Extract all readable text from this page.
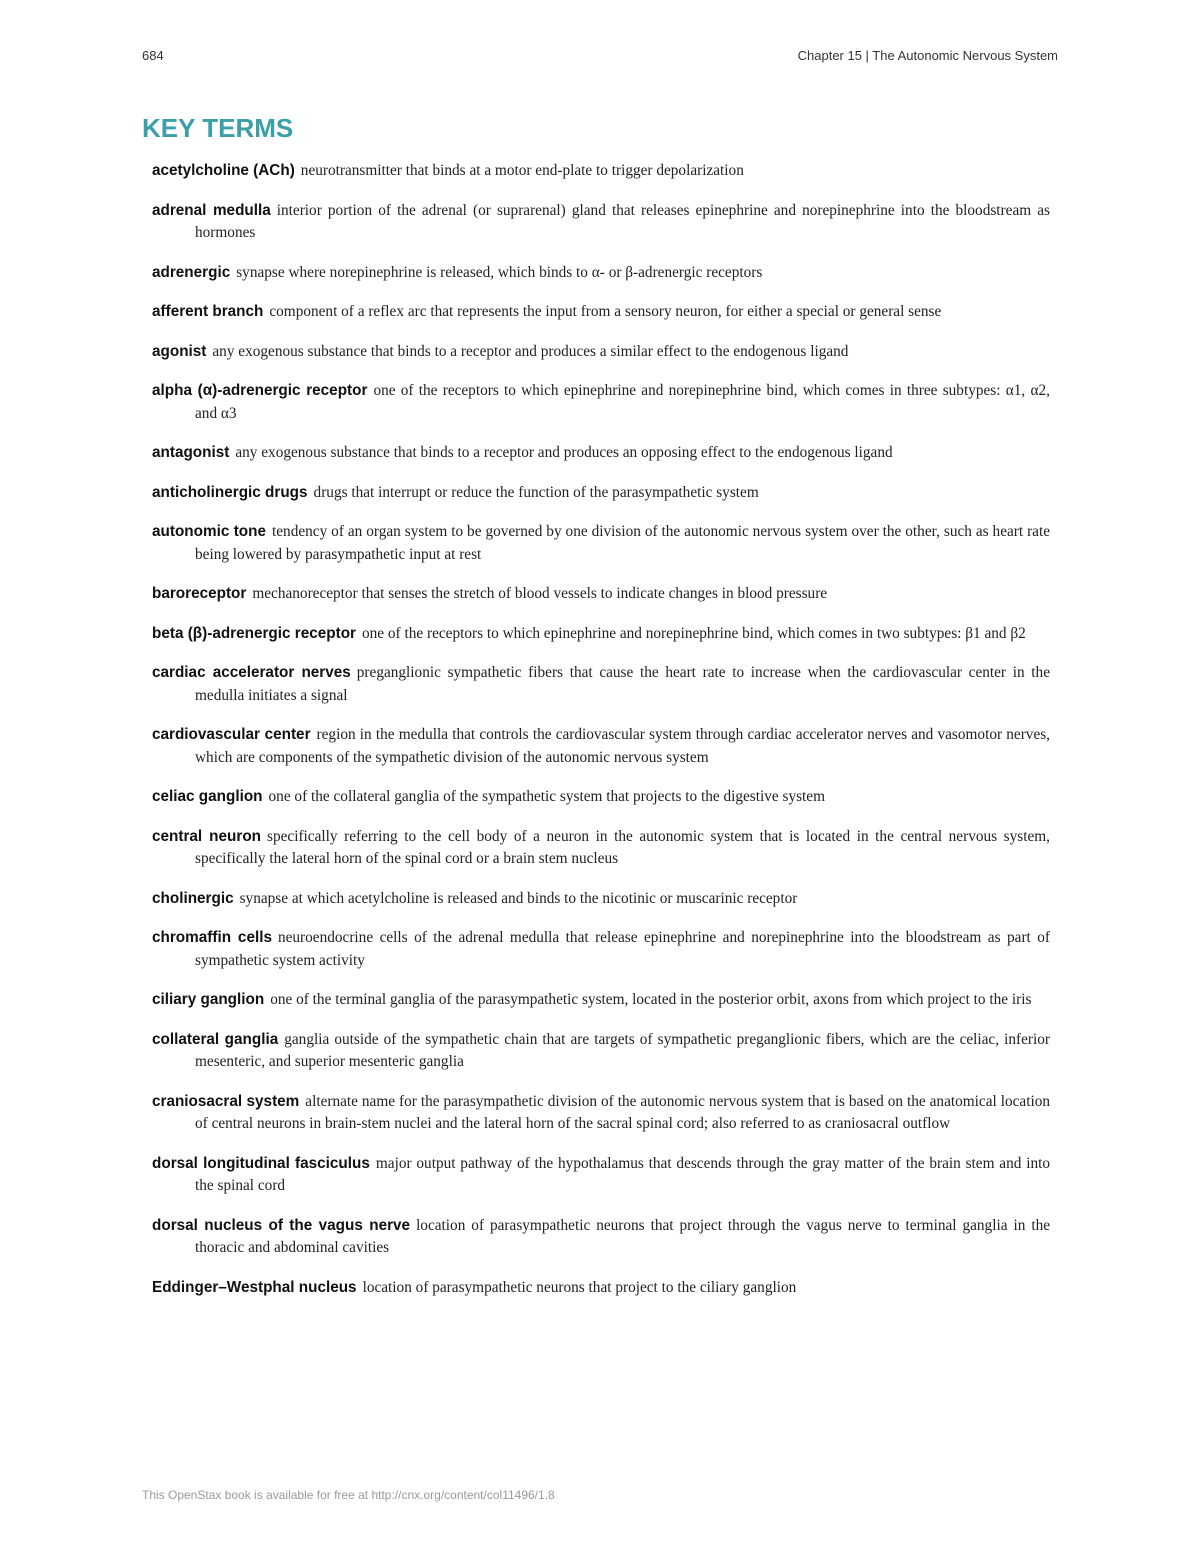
684	Chapter 15 | The Autonomic Nervous System
KEY TERMS

acetylcholine (ACh) neurotransmitter that binds at a motor end-plate to trigger depolarization

adrenal medulla interior portion of the adrenal (or suprarenal) gland that releases epinephrine and norepinephrine into the bloodstream as hormones

adrenergic synapse where norepinephrine is released, which binds to α- or β-adrenergic receptors

afferent branch component of a reflex arc that represents the input from a sensory neuron, for either a special or general sense

agonist any exogenous substance that binds to a receptor and produces a similar effect to the endogenous ligand

alpha (α)-adrenergic receptor one of the receptors to which epinephrine and norepinephrine bind, which comes in three subtypes: α1, α2, and α3

antagonist any exogenous substance that binds to a receptor and produces an opposing effect to the endogenous ligand

anticholinergic drugs drugs that interrupt or reduce the function of the parasympathetic system

autonomic tone tendency of an organ system to be governed by one division of the autonomic nervous system over the other, such as heart rate being lowered by parasympathetic input at rest

baroreceptor mechanoreceptor that senses the stretch of blood vessels to indicate changes in blood pressure

beta (β)-adrenergic receptor one of the receptors to which epinephrine and norepinephrine bind, which comes in two subtypes: β1 and β2

cardiac accelerator nerves preganglionic sympathetic fibers that cause the heart rate to increase when the cardiovascular center in the medulla initiates a signal

cardiovascular center region in the medulla that controls the cardiovascular system through cardiac accelerator nerves and vasomotor nerves, which are components of the sympathetic division of the autonomic nervous system

celiac ganglion one of the collateral ganglia of the sympathetic system that projects to the digestive system

central neuron specifically referring to the cell body of a neuron in the autonomic system that is located in the central nervous system, specifically the lateral horn of the spinal cord or a brain stem nucleus

cholinergic synapse at which acetylcholine is released and binds to the nicotinic or muscarinic receptor

chromaffin cells neuroendocrine cells of the adrenal medulla that release epinephrine and norepinephrine into the bloodstream as part of sympathetic system activity

ciliary ganglion one of the terminal ganglia of the parasympathetic system, located in the posterior orbit, axons from which project to the iris

collateral ganglia ganglia outside of the sympathetic chain that are targets of sympathetic preganglionic fibers, which are the celiac, inferior mesenteric, and superior mesenteric ganglia

craniosacral system alternate name for the parasympathetic division of the autonomic nervous system that is based on the anatomical location of central neurons in brain-stem nuclei and the lateral horn of the sacral spinal cord; also referred to as craniosacral outflow

dorsal longitudinal fasciculus major output pathway of the hypothalamus that descends through the gray matter of the brain stem and into the spinal cord

dorsal nucleus of the vagus nerve location of parasympathetic neurons that project through the vagus nerve to terminal ganglia in the thoracic and abdominal cavities

Eddinger–Westphal nucleus location of parasympathetic neurons that project to the ciliary ganglion

This OpenStax book is available for free at http://cnx.org/content/col11496/1.8
